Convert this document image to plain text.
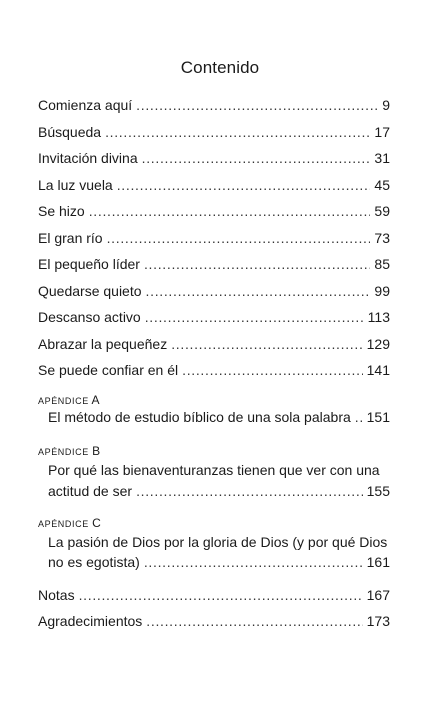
Contenido
Comienza aquí . . .	9
Búsqueda . . .	17
Invitación divina . . .	31
La luz vuela . . .	45
Se hizo . . .	59
El gran río . . .	73
El pequeño líder . . .	85
Quedarse quieto . . .	99
Descanso activo . . .	113
Abrazar la pequeñez . . .	129
Se puede confiar en él . . .	141
APÉNDICE A
El método de estudio bíblico de una sola palabra . . . 151
APÉNDICE B
Por qué las bienaventuranzas tienen que ver con una
actitud de ser . . .	155
APÉNDICE C
La pasión de Dios por la gloria de Dios (y por qué Dios
no es egotista) . . .	161
Notas . . .	167
Agradecimientos . . .	173
